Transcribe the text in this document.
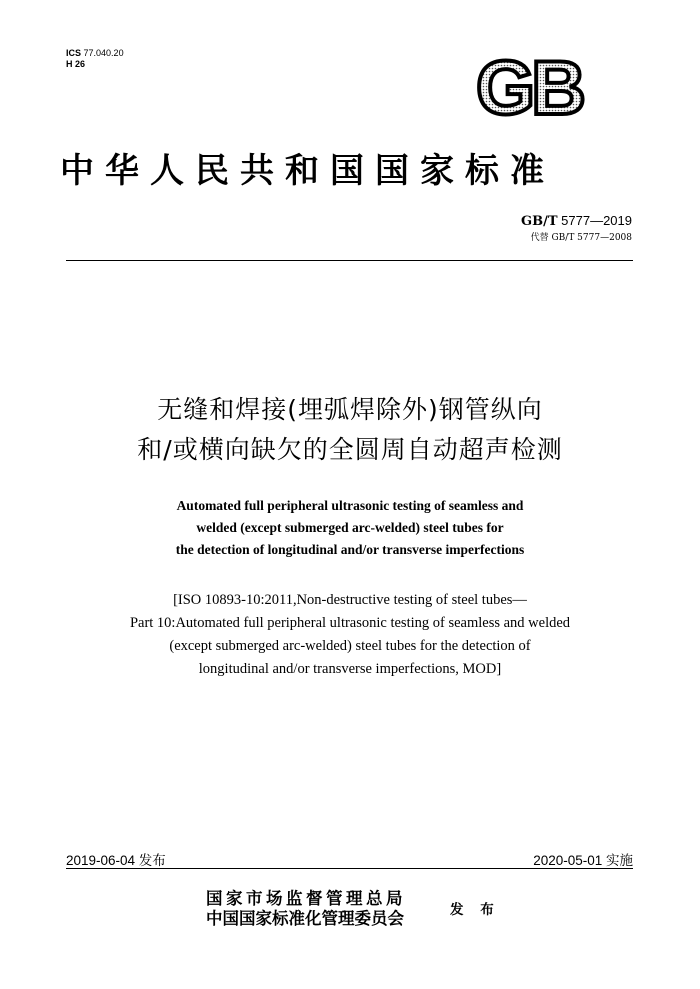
ICS 77.040.20
H 26	GB
中华人民共和国国家标准
GB/T 5777—2019
代替 GB/T 5777—2008
无缝和焊接(埋弧焊除外)钢管纵向
和/或横向缺欠的全圆周自动超声检测
Automated full peripheral ultrasonic testing of seamless and
welded (except submerged arc-welded) steel tubes for
the detection of longitudinal and/or transverse imperfections
[ISO 10893-10:2011,Non-destructive testing of steel tubes—
Part 10:Automated full peripheral ultrasonic testing of seamless and welded
(except submerged arc-welded) steel tubes for the detection of
longitudinal and/or transverse imperfections, MOD]
2019-06-04 发布	2020-05-01 实施
国家市场监督管理总局
中国国家标准化管理委员会	发 布
